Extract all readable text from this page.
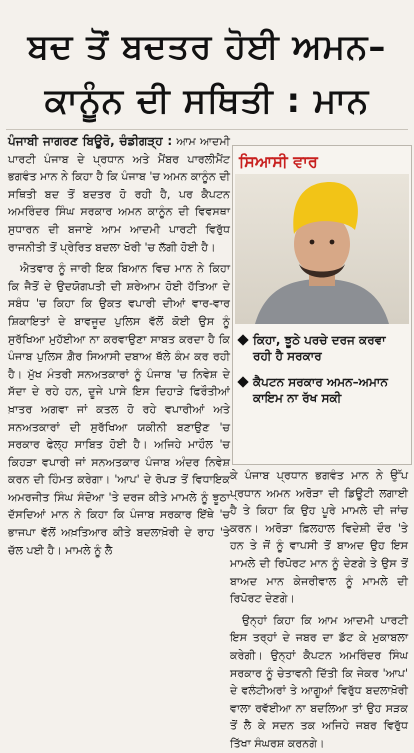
ਬਦ ਤੋਂ ਬਦਤਰ ਹੋਈ ਅਮਨ–
ਕਾਨੂੰਨ ਦੀ ਸਥਿਤੀ : ਮਾਨ

ਪੰਜਾਬੀ ਜਾਗਰਣ ਬਿਊਰੋ, ਚੰਡੀਗੜ੍ਹ : ਆਮ ਆਦਮੀ ਪਾਰਟੀ ਪੰਜਾਬ ਦੇ ਪ੍ਰਧਾਨ ਅਤੇ ਮੈਂਬਰ ਪਾਰਲੀਮੈਂਟ ਭਗਵੰਤ ਮਾਨ ਨੇ ਕਿਹਾ ਹੈ ਕਿ ਪੰਜਾਬ 'ਚ ਅਮਨ ਕਾਨੂੰਨ ਦੀ ਸਥਿਤੀ ਬਦ ਤੋਂ ਬਦਤਰ ਹੋ ਰਹੀ ਹੈ, ਪਰ ਕੈਪਟਨ ਅਮਰਿੰਦਰ ਸਿੰਘ ਸਰਕਾਰ ਅਮਨ ਕਾਨੂੰਨ ਦੀ ਵਿਵਸਥਾ ਸੁਧਾਰਨ ਦੀ ਬਜਾਏ ਆਮ ਆਦਮੀ ਪਾਰਟੀ ਵਿਰੁੱਧ ਰਾਜਨੀਤੀ ਤੋਂ ਪ੍ਰੇਰਿਤ ਬਦਲਾ ਖੋਰੀ 'ਚ ਲੱਗੀ ਹੋਈ ਹੈ।

ਐਤਵਾਰ ਨੂੰ ਜਾਰੀ ਇਕ ਬਿਆਨ ਵਿਚ ਮਾਨ ਨੇ ਕਿਹਾ ਕਿ ਜੈਤੋਂ ਦੇ ਉਦਯੋਗਪਤੀ ਦੀ ਸ਼ਰੇਆਮ ਹੋਈ ਹੱਤਿਆ ਦੇ ਸਬੰਧ 'ਚ ਕਿਹਾ ਕਿ ਉਕਤ ਵਪਾਰੀ ਦੀਆਂ ਵਾਰ-ਵਾਰ ਸ਼ਿਕਾਇਤਾਂ ਦੇ ਬਾਵਜੂਦ ਪੁਲਿਸ ਵੱਲੋਂ ਕੋਈ ਉਸ ਨੂੰ ਸੁਰੱਖਿਆ ਮੁਹੱਈਆ ਨਾ ਕਰਵਾਉਣਾ ਸਾਬਤ ਕਰਦਾ ਹੈ ਕਿ ਪੰਜਾਬ ਪੁਲਿਸ ਗ਼ੈਰ ਸਿਆਸੀ ਦਬਾਅ ਥੱਲੇ ਕੰਮ ਕਰ ਰਹੀ ਹੈ। ਮੁੱਖ ਮੰਤਰੀ ਸਨਅਤਕਾਰਾਂ ਨੂੰ ਪੰਜਾਬ 'ਚ ਨਿਵੇਸ਼ ਦੇ ਸੱਦਾ ਦੇ ਰਹੇ ਹਨ, ਦੂਜੇ ਪਾਸੇ ਇਸ ਦਿਹਾੜੇ ਫਿਰੌਤੀਆਂ ਖ਼ਾਤਰ ਅਗਵਾ ਜਾਂ ਕਤਲ ਹੋ ਰਹੇ ਵਪਾਰੀਆਂ ਅਤੇ ਸਨਅਤਕਾਰਾਂ ਦੀ ਸੁਰੱਖਿਆ ਯਕੀਨੀ ਬਣਾਉਣ 'ਚ ਸਰਕਾਰ ਫੇਲ੍ਹ ਸਾਬਿਤ ਹੋਈ ਹੈ। ਅਜਿਹੇ ਮਾਹੌਲ 'ਚ ਕਿਹੜਾ ਵਪਾਰੀ ਜਾਂ ਸਨਅਤਕਾਰ ਪੰਜਾਬ ਅੰਦਰ ਨਿਵੇਸ਼ ਕਰਨ ਦੀ ਹਿੰਮਤ ਕਰੇਗਾ। 'ਆਪ' ਦੇ ਰੋਪੜ ਤੋਂ ਵਿਧਾਇਕ ਅਮਰਜੀਤ ਸਿੰਘ ਸੰਦੋਆ 'ਤੇ ਦਰਜ ਕੀਤੇ ਮਾਮਲੇ ਨੂੰ ਝੂਠਾ ਦੱਸਦਿਆਂ ਮਾਨ ਨੇ ਕਿਹਾ ਕਿ ਪੰਜਾਬ ਸਰਕਾਰ ਇੱਥੇ 'ਚ ਭਾਜਪਾ ਵੱਲੋਂ ਅਖ਼ਤਿਆਰ ਕੀਤੇ ਬਦਲਾਖ਼ੋਰੀ ਦੇ ਰਾਹ 'ਤੇ ਚੱਲ ਪਈ ਹੈ। ਮਾਮਲੇ ਨੂੰ ਲੈ

ਸਿਆਸੀ ਵਾਰ
ਕਿਹਾ, ਝੂਠੇ ਪਰਚੇ ਦਰਜ ਕਰਵਾ ਰਹੀ ਹੈ ਸਰਕਾਰ
ਕੈਪਟਨ ਸਰਕਾਰ ਅਮਨ–ਅਮਾਨ ਕਾਇਮ ਨਾ ਰੱਖ ਸਕੀ

ਕੇ ਪੰਜਾਬ ਪ੍ਰਧਾਨ ਭਗਵੰਤ ਮਾਨ ਨੇ ਉੱਪ ਪ੍ਰਧਾਨ ਅਮਨ ਅਰੋੜਾ ਦੀ ਡਿਊਟੀ ਲਗਾਈ ਹੈ ਤੇ ਕਿਹਾ ਕਿ ਉਹ ਪੂਰੇ ਮਾਮਲੇ ਦੀ ਜਾਂਚ ਕਰਨ। ਅਰੋੜਾ ਫ਼ਿਲਹਾਲ ਵਿਦੇਸ਼ੀ ਦੌਰ 'ਤੇ ਹਨ ਤੇ ਜੋਂ ਨੂੰ ਵਾਪਸੀ ਤੋਂ ਬਾਅਦ ਉਹ ਇਸ ਮਾਮਲੇ ਦੀ ਰਿਪੋਰਟ ਮਾਨ ਨੂੰ ਦੇਣਗੇ ਤੇ ਉਸ ਤੋਂ ਬਾਅਦ ਮਾਨ ਕੇਜਰੀਵਾਲ ਨੂੰ ਮਾਮਲੇ ਦੀ ਰਿਪੋਰਟ ਦੇਣਗੇ।

ਉਨ੍ਹਾਂ ਕਿਹਾ ਕਿ ਆਮ ਆਦਮੀ ਪਾਰਟੀ ਇਸ ਤਰ੍ਹਾਂ ਦੇ ਜਬਰ ਦਾ ਡੱਟ ਕੇ ਮੁਕਾਬਲਾ ਕਰੇਗੀ। ਉਨ੍ਹਾਂ ਕੈਪਟਨ ਅਮਰਿੰਦਰ ਸਿੰਘ ਸਰਕਾਰ ਨੂੰ ਚੇਤਾਵਨੀ ਦਿੱਤੀ ਕਿ ਜੇਕਰ 'ਆਪ' ਦੇ ਵਲੰਟੀਅਰਾਂ ਤੇ ਆਗੂਆਂ ਵਿਰੁੱਧ ਬਦਲਾਖ਼ੋਰੀ ਵਾਲਾ ਰਵੱਈਆ ਨਾ ਬਦਲਿਆ ਤਾਂ ਉਹ ਸੜਕ ਤੋਂ ਲੈ ਕੇ ਸਦਨ ਤਕ ਅਜਿਹੇ ਜਬਰ ਵਿਰੁੱਧ ਤਿੱਖਾ ਸੰਘਰਸ਼ ਕਰਨਗੇ।
